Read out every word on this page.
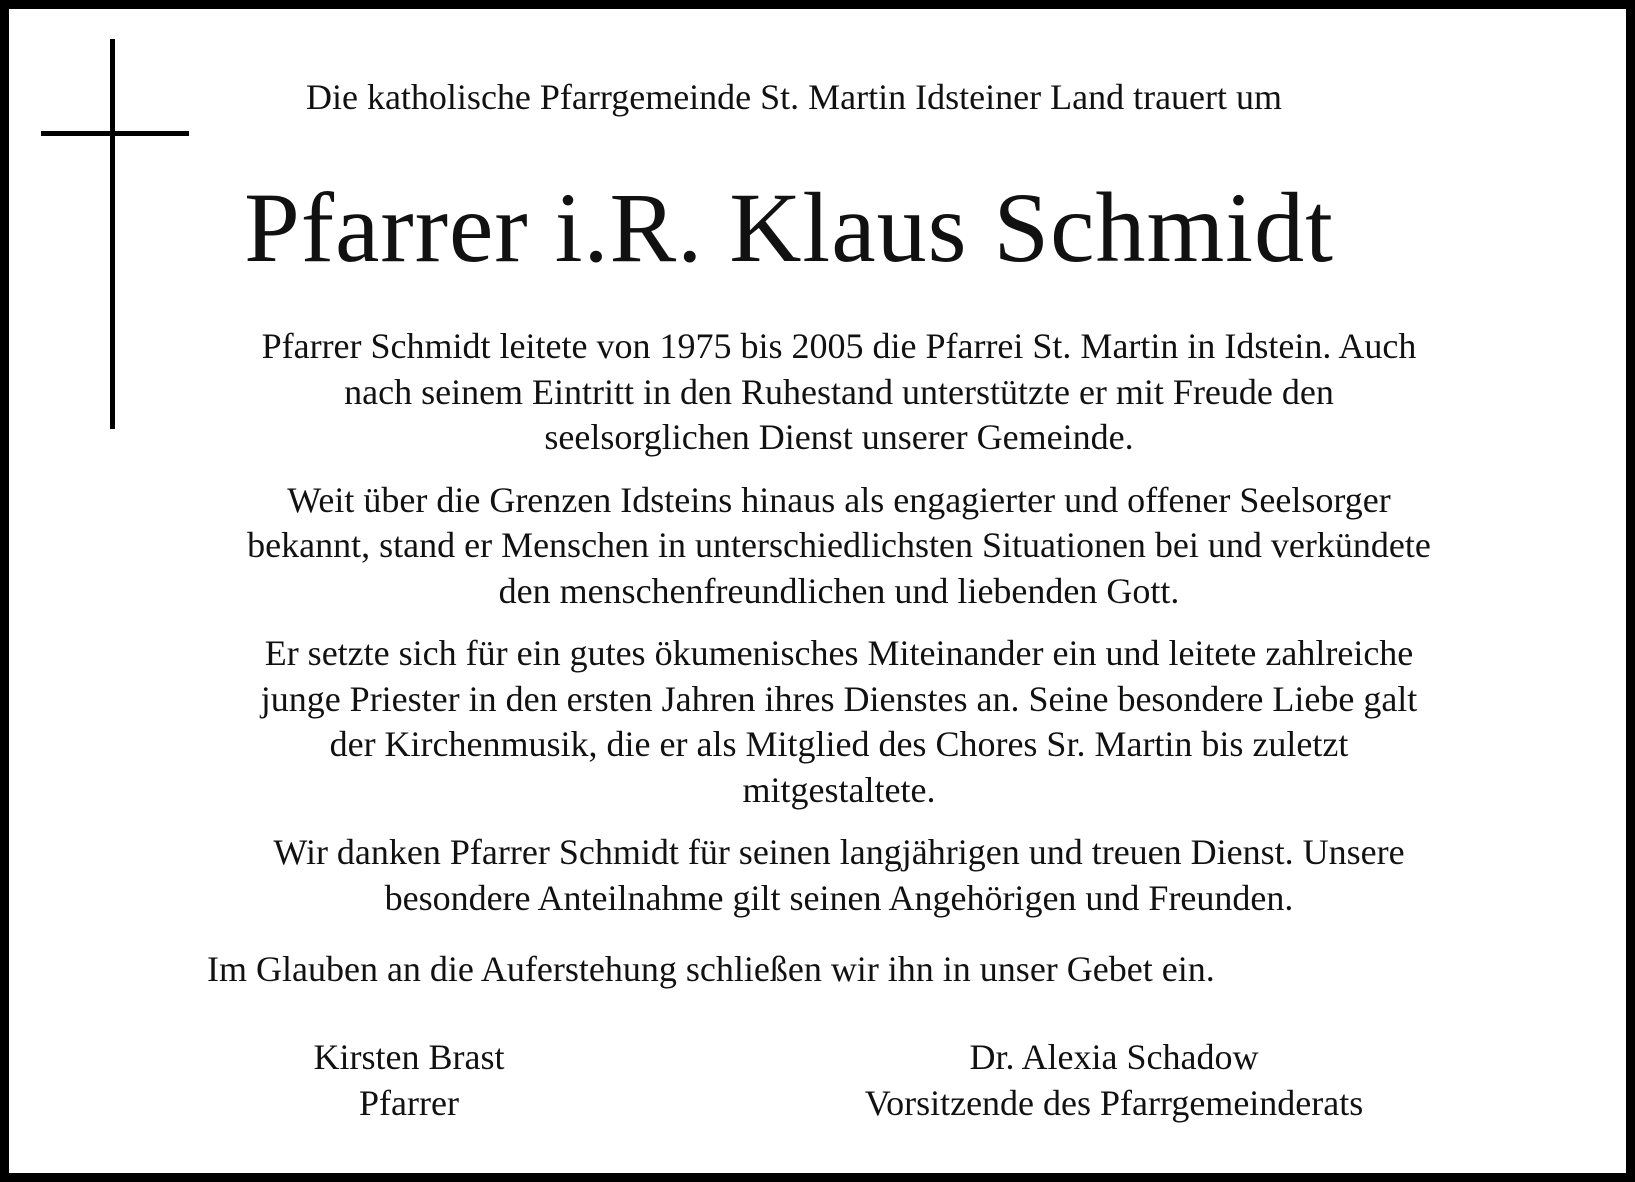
Die katholische Pfarrgemeinde St. Martin Idsteiner Land trauert um
Pfarrer i.R. Klaus Schmidt

Pfarrer Schmidt leitete von 1975 bis 2005 die Pfarrei St. Martin in Idstein. Auch
nach seinem Eintritt in den Ruhestand unterstützte er mit Freude den
seelsorglichen Dienst unserer Gemeinde.

Weit über die Grenzen Idsteins hinaus als engagierter und offener Seelsorger
bekannt, stand er Menschen in unterschiedlichsten Situationen bei und verkündete
den menschenfreundlichen und liebenden Gott.

Er setzte sich für ein gutes ökumenisches Miteinander ein und leitete zahlreiche
junge Priester in den ersten Jahren ihres Dienstes an. Seine besondere Liebe galt
der Kirchenmusik, die er als Mitglied des Chores Sr. Martin bis zuletzt
mitgestaltete.

Wir danken Pfarrer Schmidt für seinen langjährigen und treuen Dienst. Unsere
besondere Anteilnahme gilt seinen Angehörigen und Freunden.

Im Glauben an die Auferstehung schließen wir ihn in unser Gebet ein.
Kirsten Brast
Pfarrer
Dr. Alexia Schadow
Vorsitzende des Pfarrgemeinderats
